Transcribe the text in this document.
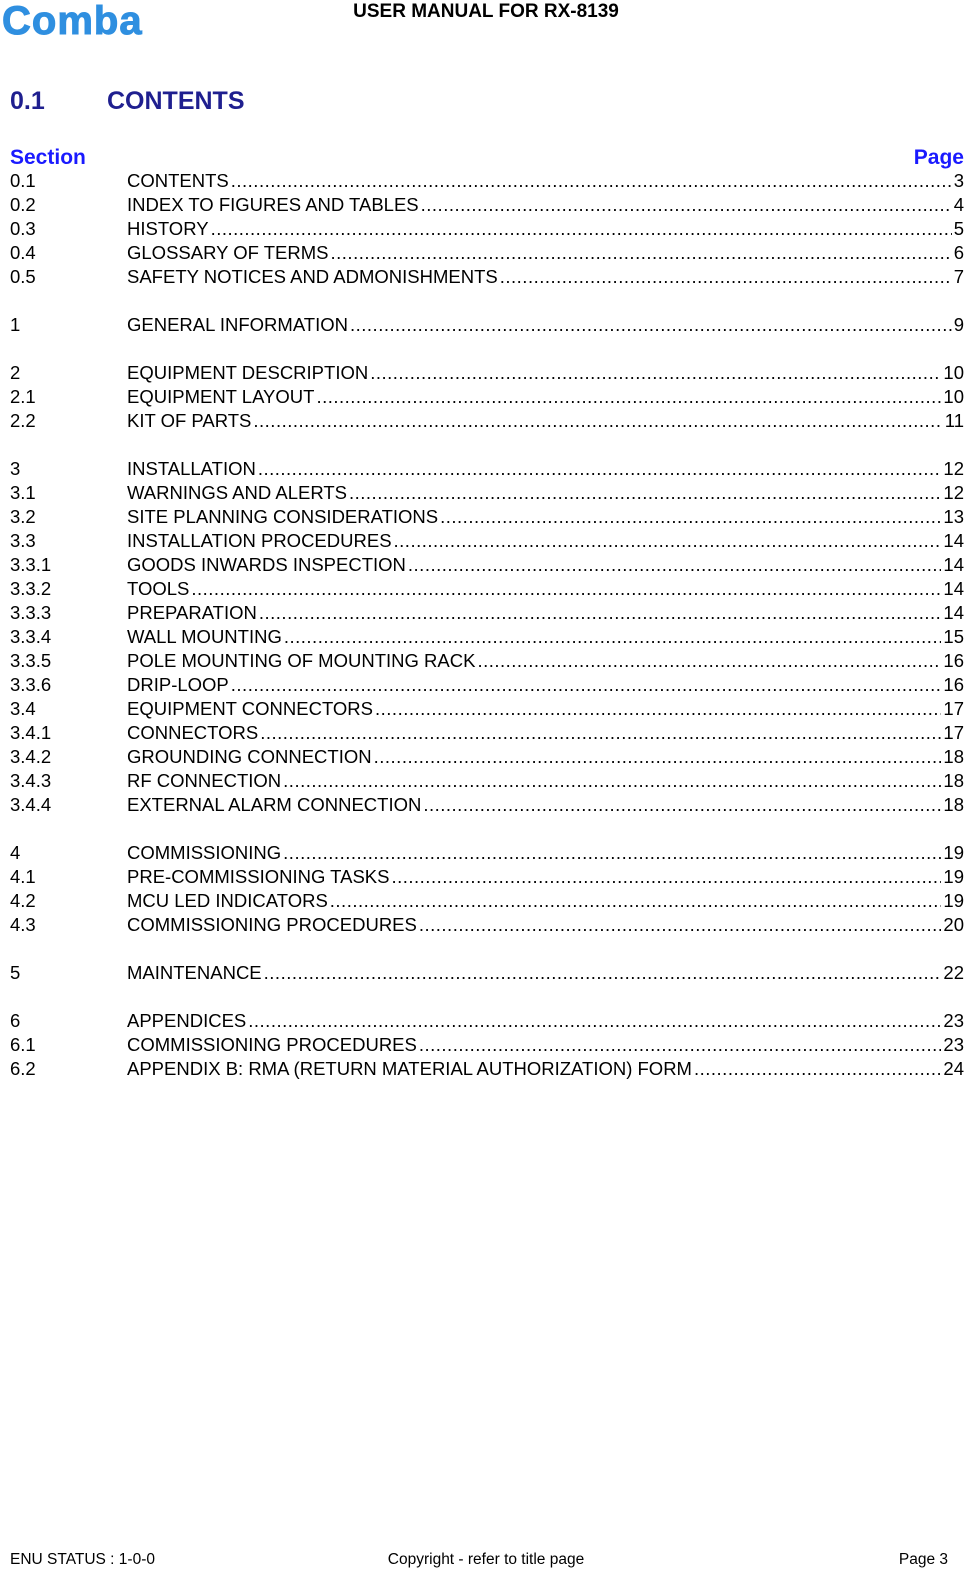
Comba	USER MANUAL FOR RX-8139
0.1 CONTENTS
Section	Page
0.1	CONTENTS .....	3
0.2	INDEX TO FIGURES AND TABLES .....	4
0.3	HISTORY .....	5
0.4	GLOSSARY OF TERMS .....	6
0.5	SAFETY NOTICES AND ADMONISHMENTS .....	7
1	GENERAL INFORMATION .....	9
2	EQUIPMENT DESCRIPTION .....	10
2.1	EQUIPMENT LAYOUT .....	10
2.2	KIT OF PARTS .....	11
3	INSTALLATION .....	12
3.1	WARNINGS AND ALERTS .....	12
3.2	SITE PLANNING CONSIDERATIONS .....	13
3.3	INSTALLATION PROCEDURES .....	14
3.3.1	GOODS INWARDS INSPECTION .....	14
3.3.2	TOOLS .....	14
3.3.3	PREPARATION .....	14
3.3.4	WALL MOUNTING .....	15
3.3.5	POLE MOUNTING OF MOUNTING RACK .....	16
3.3.6	DRIP-LOOP .....	16
3.4	EQUIPMENT CONNECTORS .....	17
3.4.1	CONNECTORS .....	17
3.4.2	GROUNDING CONNECTION .....	18
3.4.3	RF CONNECTION .....	18
3.4.4	EXTERNAL ALARM CONNECTION .....	18
4	COMMISSIONING .....	19
4.1	PRE-COMMISSIONING TASKS .....	19
4.2	MCU LED INDICATORS .....	19
4.3	COMMISSIONING PROCEDURES .....	20
5	MAINTENANCE .....	22
6	APPENDICES .....	23
6.1	COMMISSIONING PROCEDURES .....	23
6.2	APPENDIX B: RMA (RETURN MATERIAL AUTHORIZATION) FORM .....	24
ENU STATUS : 1-0-0	Copyright - refer to title page	Page 3
